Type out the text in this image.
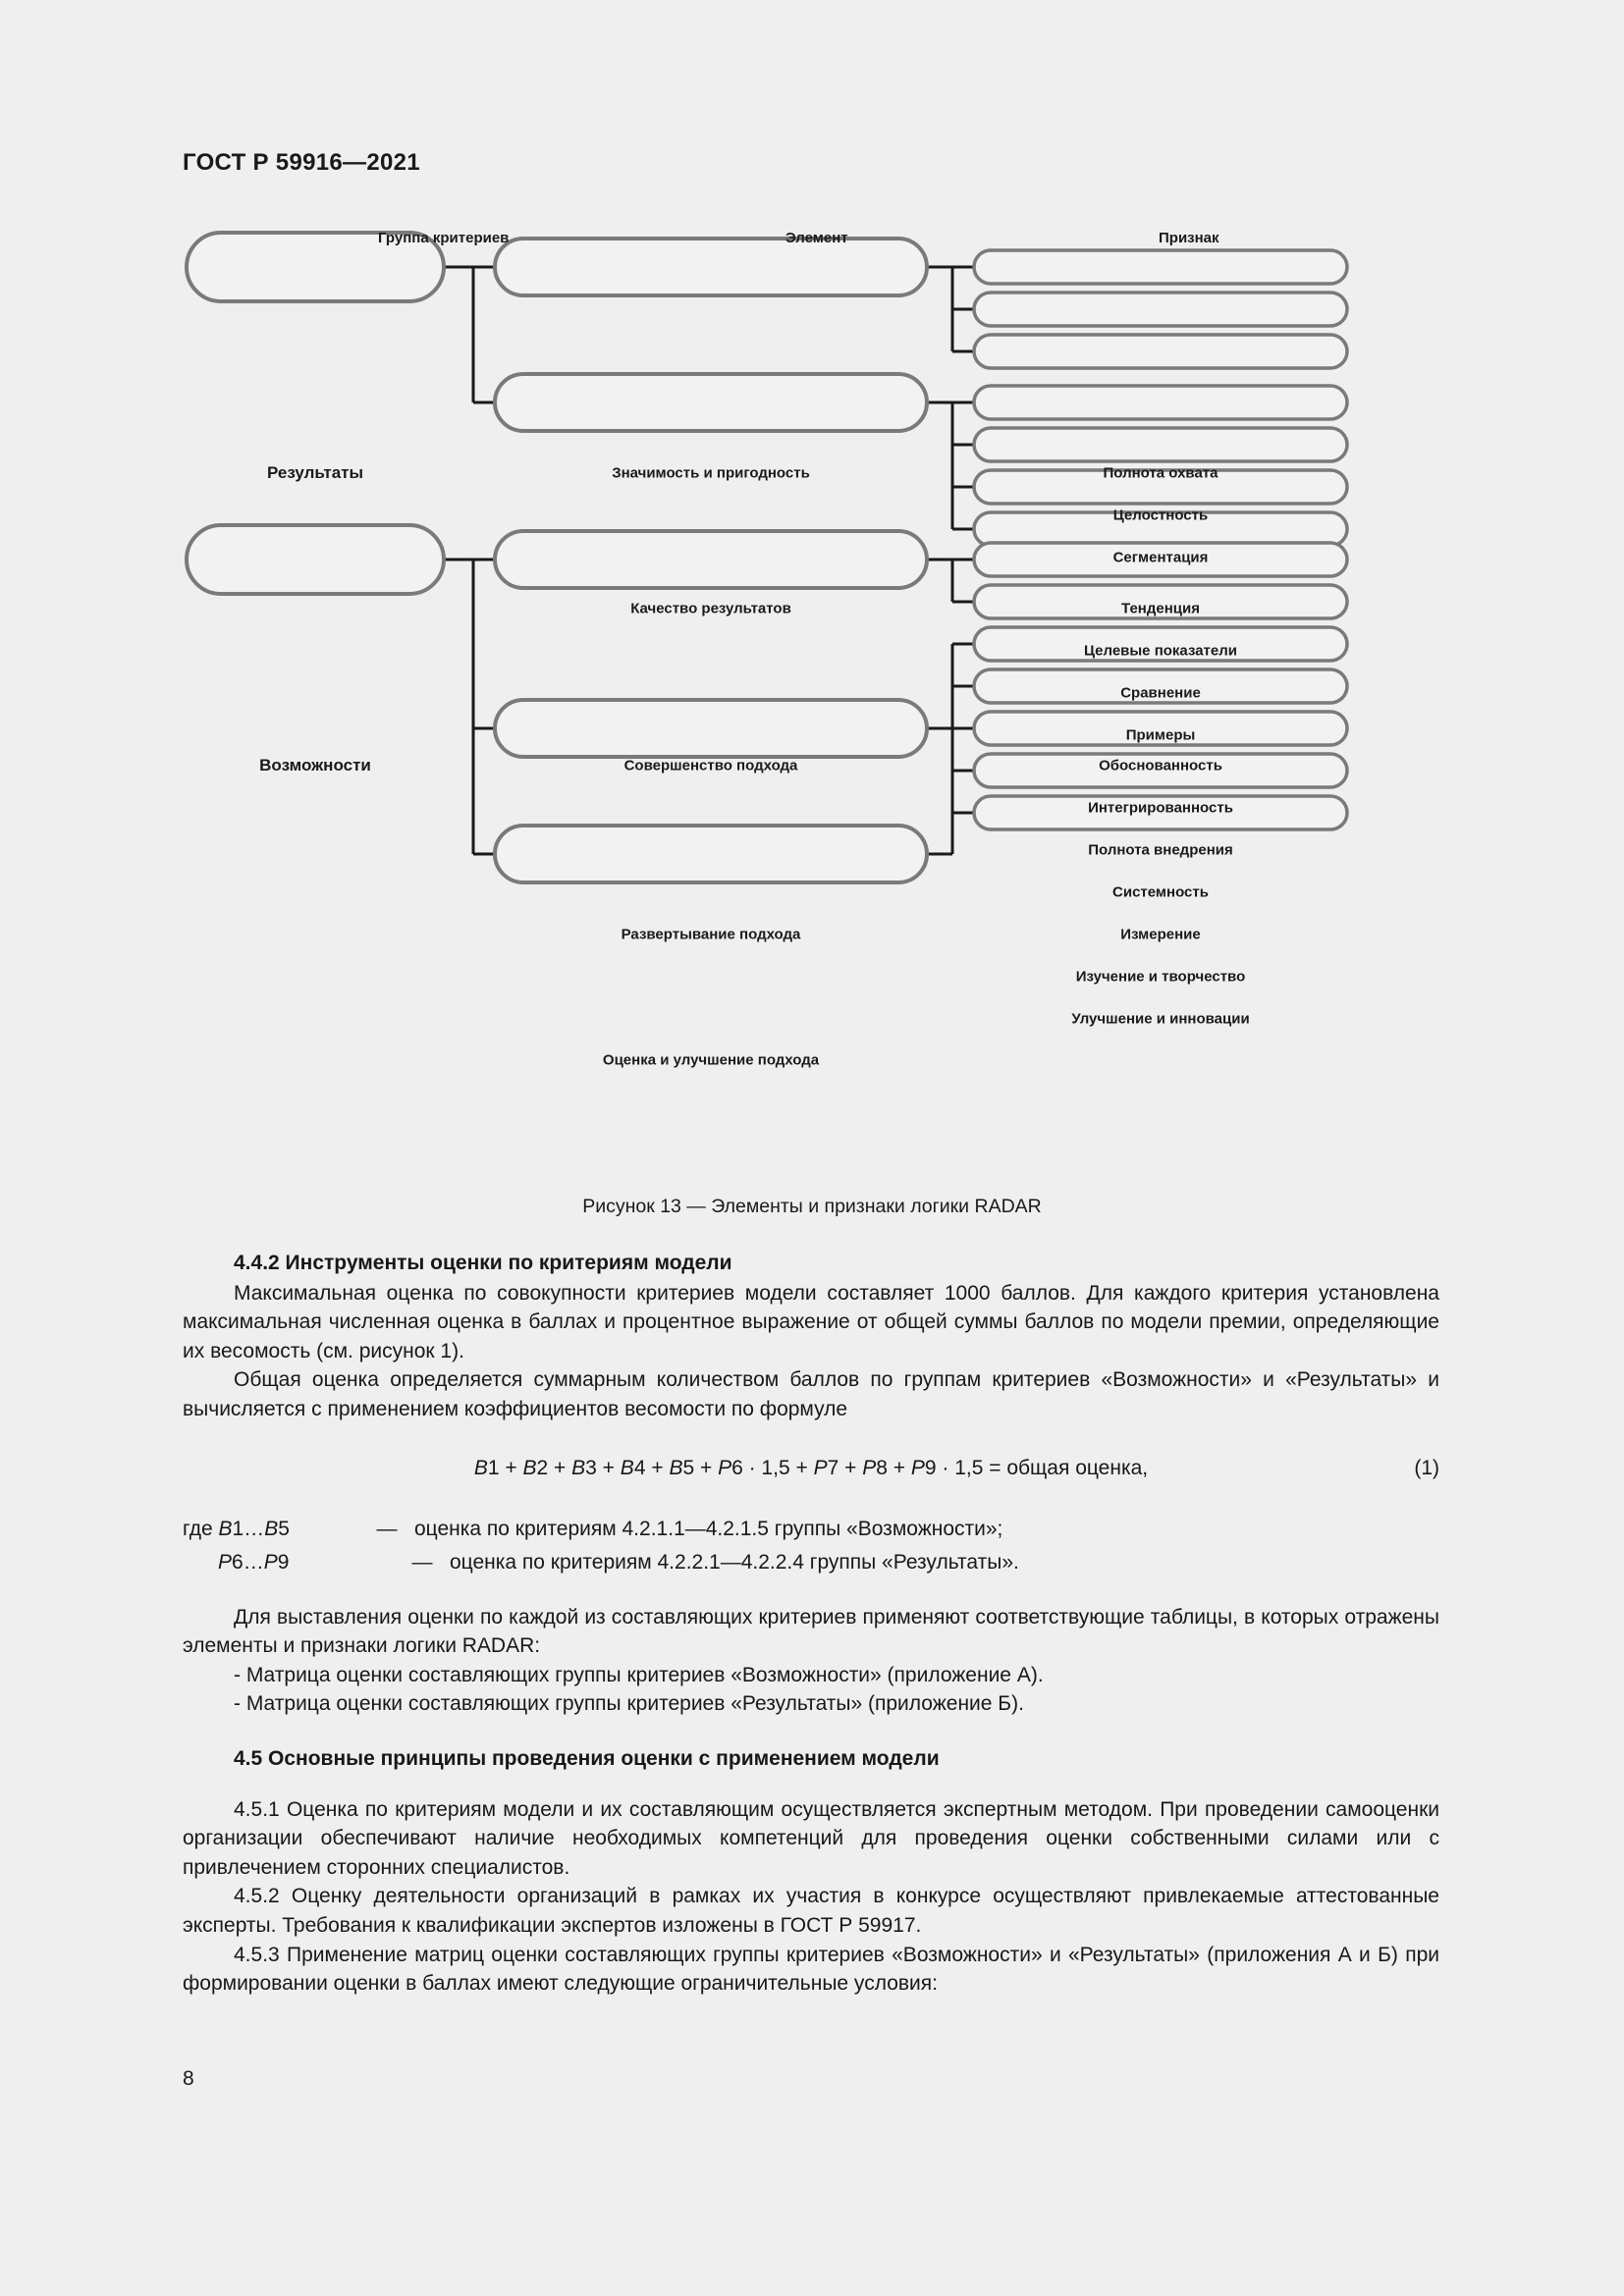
ГОСТ Р 59916—2021
Группа критериев	Элемент	Признак
Результаты
Возможности
Значимость и пригодность
Качество результатов
Совершенство подхода
Развертывание подхода
Оценка и улучшение подхода
Полнота охвата
Целостность
Сегментация
Тенденция
Целевые показатели
Сравнение
Примеры
Обоснованность
Интегрированность
Полнота внедрения
Системность
Измерение
Изучение и творчество
Улучшение и инновации
Рисунок 13 — Элементы и признаки логики RADAR

4.4.2 Инструменты оценки по критериям модели

Максимальная оценка по совокупности критериев модели составляет 1000 баллов. Для каждого критерия установлена максимальная численная оценка в баллах и процентное выражение от общей суммы баллов по модели премии, определяющие их весомость (см. рисунок 1).

Общая оценка определяется суммарным количеством баллов по группам критериев «Возможности» и «Результаты» и вычисляется с применением коэффициентов весомости по формуле

В1 + В2 + В3 + В4 + В5 + Р6 · 1,5 + Р7 + Р8 + Р9 · 1,5 = общая оценка,	(1)
где В1…В5	— оценка по критериям 4.2.1.1—4.2.1.5 группы «Возможности»;
Р6…Р9	— оценка по критериям 4.2.2.1—4.2.2.4 группы «Результаты».

Для выставления оценки по каждой из составляющих критериев применяют соответствующие таблицы, в которых отражены элементы и признаки логики RADAR:

- Матрица оценки составляющих группы критериев «Возможности» (приложение А).

- Матрица оценки составляющих группы критериев «Результаты» (приложение Б).

4.5 Основные принципы проведения оценки с применением модели

4.5.1 Оценка по критериям модели и их составляющим осуществляется экспертным методом. При проведении самооценки организации обеспечивают наличие необходимых компетенций для проведения оценки собственными силами или с привлечением сторонних специалистов.

4.5.2 Оценку деятельности организаций в рамках их участия в конкурсе осуществляют привлекаемые аттестованные эксперты. Требования к квалификации экспертов изложены в ГОСТ Р 59917.

4.5.3 Применение матриц оценки составляющих группы критериев «Возможности» и «Результаты» (приложения А и Б) при формировании оценки в баллах имеют следующие ограничительные условия:

8
